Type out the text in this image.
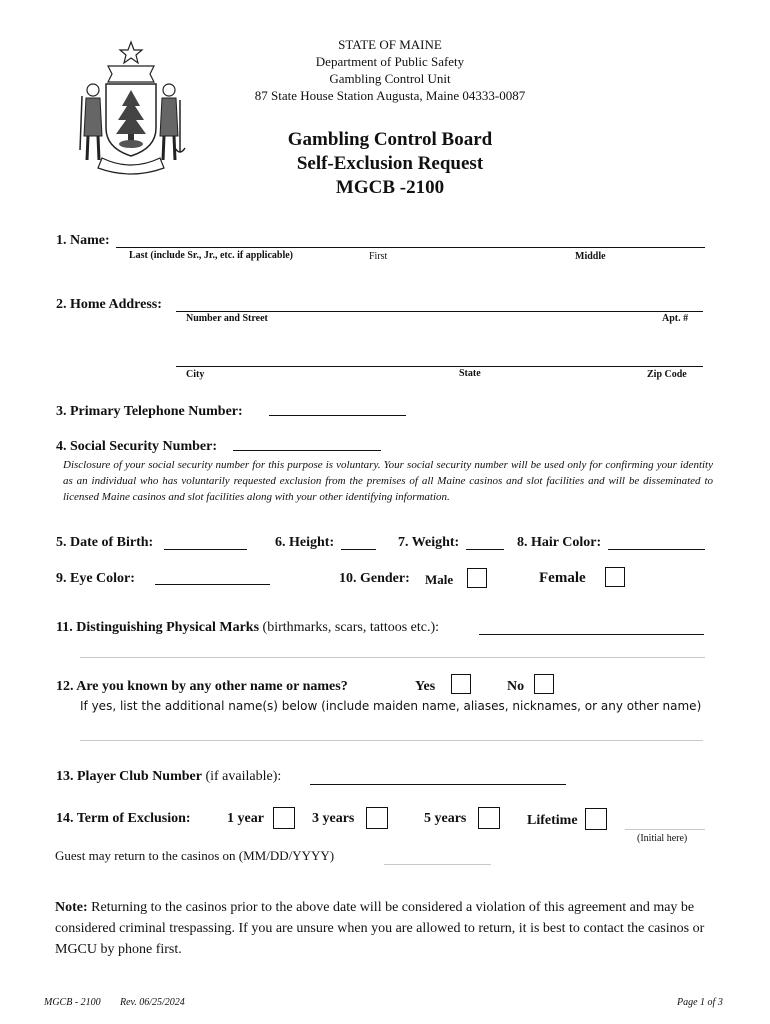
STATE OF MAINE
Department of Public Safety
Gambling Control Unit
87 State House Station Augusta, Maine 04333-0087
Gambling Control Board
Self-Exclusion Request
MGCB -2100
1. Name:
Last (include Sr., Jr., etc. if applicable)	First	Middle
2. Home Address:
Number and Street	Apt. #
City	State	Zip Code
3. Primary Telephone Number:
4. Social Security Number:
Disclosure of your social security number for this purpose is voluntary. Your social security number will be used only for confirming your identity as an individual who has voluntarily requested exclusion from the premises of all Maine casinos and slot facilities and will be disseminated to licensed Maine casinos and slot facilities along with your other identifying information.
5. Date of Birth:	6. Height:	7. Weight:	8. Hair Color:
9. Eye Color:	10. Gender: Male	Female
11. Distinguishing Physical Marks (birthmarks, scars, tattoos etc.):
12. Are you known by any other name or names?	Yes	No
If yes, list the additional name(s) below (include maiden name, aliases, nicknames, or any other name)
13. Player Club Number (if available):
14. Term of Exclusion:	1 year	3 years	5 years	Lifetime
(Initial here)
Guest may return to the casinos on (MM/DD/YYYY)
Note: Returning to the casinos prior to the above date will be considered a violation of this agreement and may be considered criminal trespassing. If you are unsure when you are allowed to return, it is best to contact the casinos or MGCU by phone first.
MGCB - 2100 Rev. 06/25/2024	Page 1 of 3
